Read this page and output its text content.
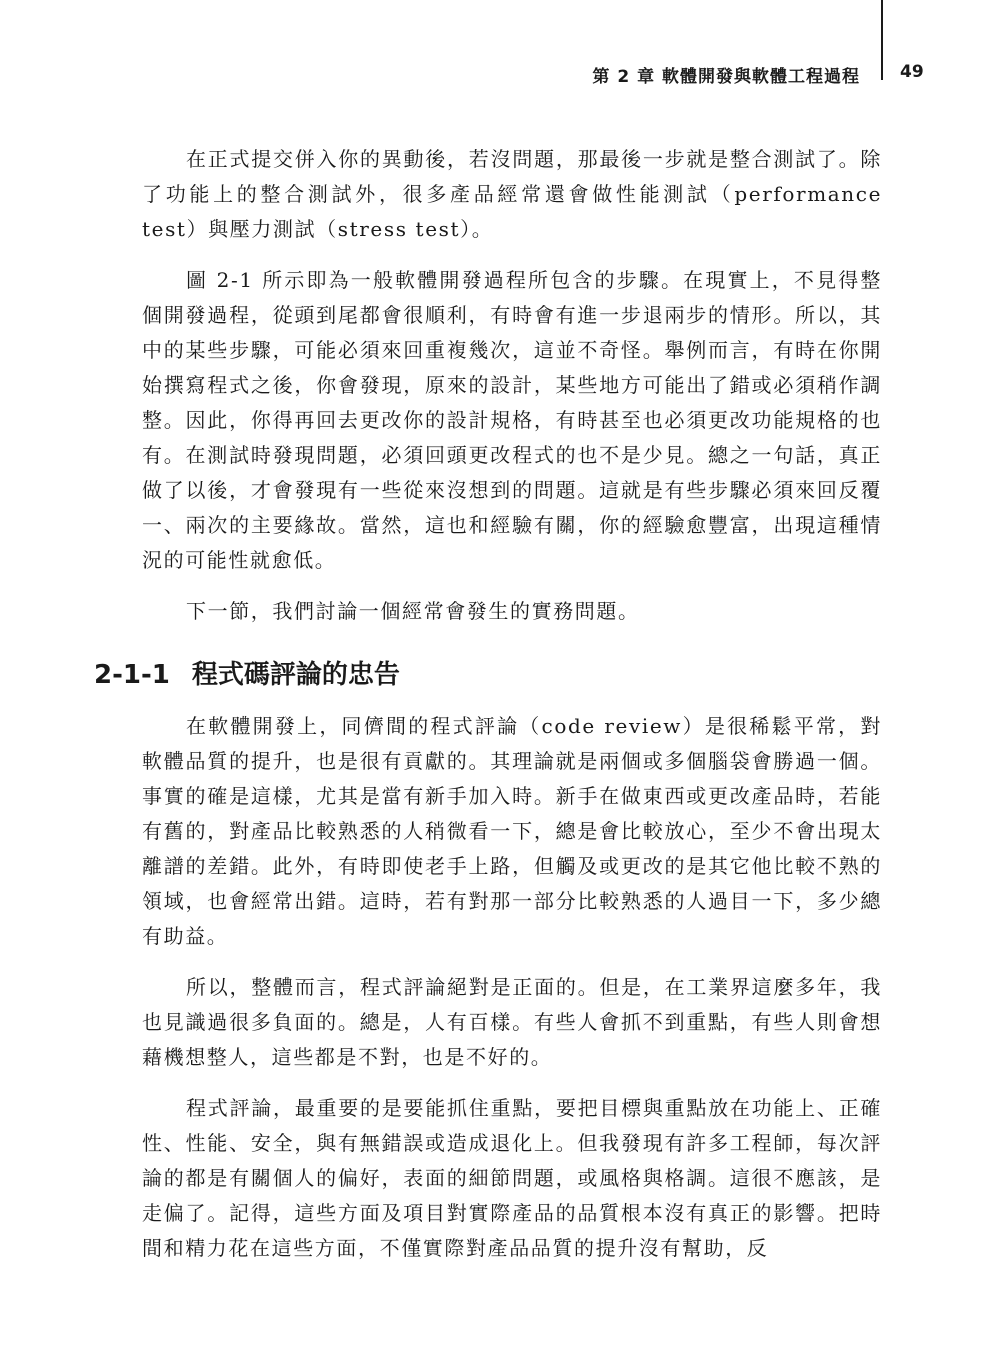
第 2 章 軟體開發與軟體工程過程 49

在正式提交併入你的異動後，若沒問題，那最後一步就是整合測試了。除了功能上的整合測試外，很多產品經常還會做性能測試（performance test）與壓力測試（stress test）。

圖 2-1 所示即為一般軟體開發過程所包含的步驟。在現實上，不見得整個開發過程，從頭到尾都會很順利，有時會有進一步退兩步的情形。所以，其中的某些步驟，可能必須來回重複幾次，這並不奇怪。舉例而言，有時在你開始撰寫程式之後，你會發現，原來的設計，某些地方可能出了錯或必須稍作調整。因此，你得再回去更改你的設計規格，有時甚至也必須更改功能規格的也有。在測試時發現問題，必須回頭更改程式的也不是少見。總之一句話，真正做了以後，才會發現有一些從來沒想到的問題。這就是有些步驟必須來回反覆一、兩次的主要緣故。當然，這也和經驗有關，你的經驗愈豐富，出現這種情況的可能性就愈低。

下一節，我們討論一個經常會發生的實務問題。

2-1-1 程式碼評論的忠告

在軟體開發上，同儕間的程式評論（code review）是很稀鬆平常，對軟體品質的提升，也是很有貢獻的。其理論就是兩個或多個腦袋會勝過一個。事實的確是這樣，尤其是當有新手加入時。新手在做東西或更改產品時，若能有舊的，對產品比較熟悉的人稍微看一下，總是會比較放心，至少不會出現太離譜的差錯。此外，有時即使老手上路，但觸及或更改的是其它他比較不熟的領域，也會經常出錯。這時，若有對那一部分比較熟悉的人過目一下，多少總有助益。

所以，整體而言，程式評論絕對是正面的。但是，在工業界這麼多年，我也見識過很多負面的。總是，人有百樣。有些人會抓不到重點，有些人則會想藉機想整人，這些都是不對，也是不好的。

程式評論，最重要的是要能抓住重點，要把目標與重點放在功能上、正確性、性能、安全，與有無錯誤或造成退化上。但我發現有許多工程師，每次評論的都是有關個人的偏好，表面的細節問題，或風格與格調。這很不應該，是走偏了。記得，這些方面及項目對實際產品的品質根本沒有真正的影響。把時間和精力花在這些方面，不僅實際對產品品質的提升沒有幫助，反
